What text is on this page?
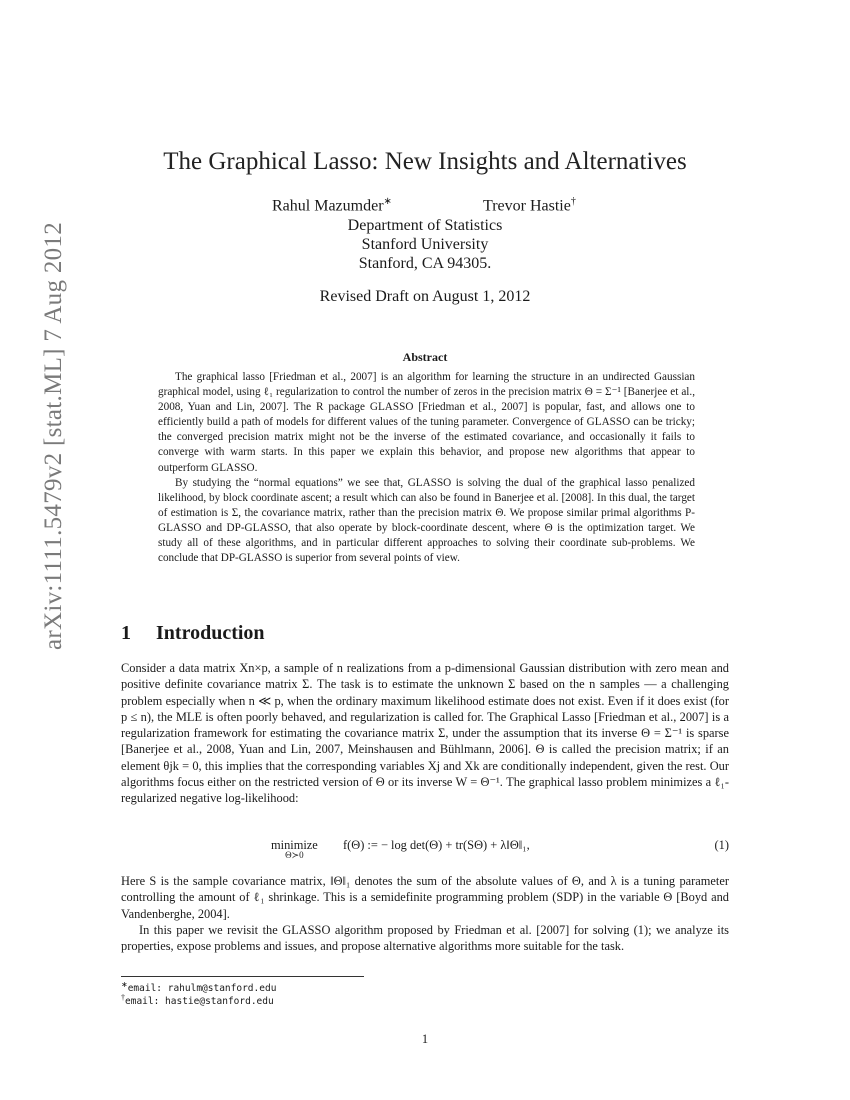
arXiv:1111.5479v2 [stat.ML] 7 Aug 2012
The Graphical Lasso: New Insights and Alternatives
Rahul Mazumder∗	Trevor Hastie†
Department of Statistics
Stanford University
Stanford, CA 94305.
Revised Draft on August 1, 2012
Abstract

The graphical lasso [Friedman et al., 2007] is an algorithm for learning the structure in an undirected Gaussian graphical model, using ℓ₁ regularization to control the number of zeros in the precision matrix Θ = Σ⁻¹ [Banerjee et al., 2008, Yuan and Lin, 2007]. The R package GLASSO [Friedman et al., 2007] is popular, fast, and allows one to efficiently build a path of models for different values of the tuning parameter. Convergence of GLASSO can be tricky; the converged precision matrix might not be the inverse of the estimated covariance, and occasionally it fails to converge with warm starts. In this paper we explain this behavior, and propose new algorithms that appear to outperform GLASSO.

By studying the “normal equations” we see that, GLASSO is solving the dual of the graphical lasso penalized likelihood, by block coordinate ascent; a result which can also be found in Banerjee et al. [2008]. In this dual, the target of estimation is Σ, the covariance matrix, rather than the precision matrix Θ. We propose similar primal algorithms P-GLASSO and DP-GLASSO, that also operate by block-coordinate descent, where Θ is the optimization target. We study all of these algorithms, and in particular different approaches to solving their coordinate sub-problems. We conclude that DP-GLASSO is superior from several points of view.

1 Introduction

Consider a data matrix Xn×p, a sample of n realizations from a p-dimensional Gaussian distribution with zero mean and positive definite covariance matrix Σ. The task is to estimate the unknown Σ based on the n samples — a challenging problem especially when n ≪ p, when the ordinary maximum likelihood estimate does not exist. Even if it does exist (for p ≤ n), the MLE is often poorly behaved, and regularization is called for. The Graphical Lasso [Friedman et al., 2007] is a regularization framework for estimating the covariance matrix Σ, under the assumption that its inverse Θ = Σ⁻¹ is sparse [Banerjee et al., 2008, Yuan and Lin, 2007, Meinshausen and Bühlmann, 2006]. Θ is called the precision matrix; if an element θjk = 0, this implies that the corresponding variables Xj and Xk are conditionally independent, given the rest. Our algorithms focus either on the restricted version of Θ or its inverse W = Θ⁻¹. The graphical lasso problem minimizes a ℓ₁-regularized negative log-likelihood:

minimize
Θ≻0
f(Θ) := − log det(Θ) + tr(SΘ) + λ‖Θ‖₁,	(1)

Here S is the sample covariance matrix, ‖Θ‖₁ denotes the sum of the absolute values of Θ, and λ is a tuning parameter controlling the amount of ℓ₁ shrinkage. This is a semidefinite programming problem (SDP) in the variable Θ [Boyd and Vandenberghe, 2004].

In this paper we revisit the GLASSO algorithm proposed by Friedman et al. [2007] for solving (1); we analyze its properties, expose problems and issues, and propose alternative algorithms more suitable for the task.

∗email: rahulm@stanford.edu
†email: hastie@stanford.edu
1
